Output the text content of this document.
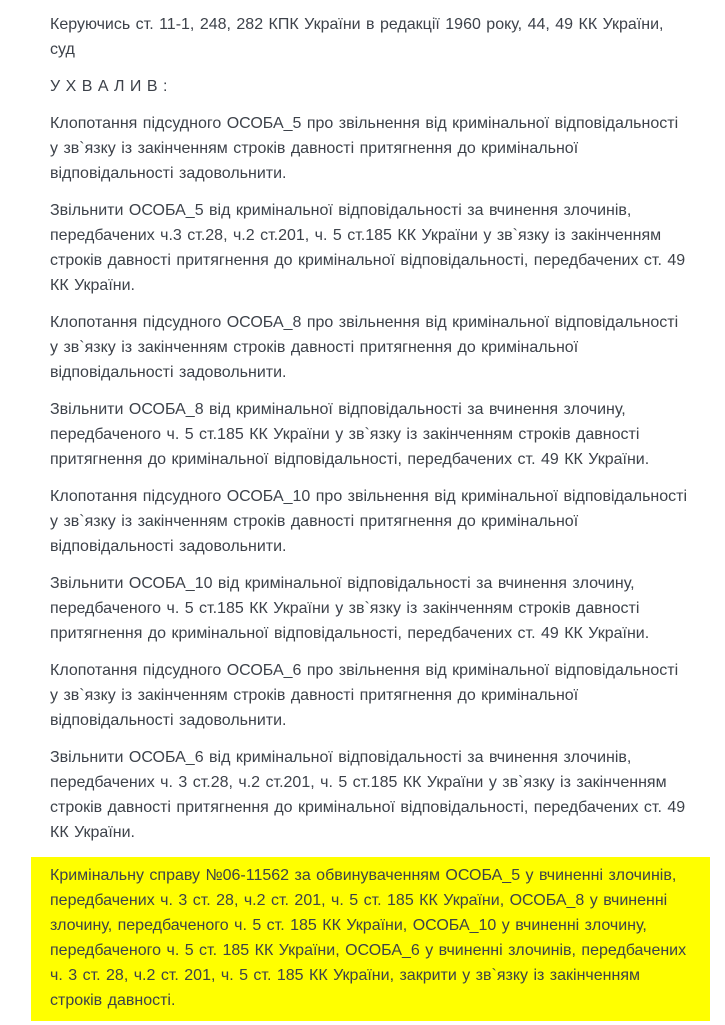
Керуючись ст. 11-1, 248, 282 КПК України в редакції 1960 року, 44, 49 КК України, суд

У Х В А Л И В :

Клопотання підсудного ОСОБА_5 про звільнення від кримінальної відповідальності у зв`язку із закінченням строків давності притягнення до кримінальної відповідальності задовольнити.

Звільнити ОСОБА_5 від кримінальної відповідальності за вчинення злочинів, передбачених ч.3 ст.28, ч.2 ст.201, ч. 5 ст.185 КК України у зв`язку із закінченням строків давності притягнення до кримінальної відповідальності, передбачених ст. 49 КК України.

Клопотання підсудного ОСОБА_8 про звільнення від кримінальної відповідальності у зв`язку із закінченням строків давності притягнення до кримінальної відповідальності задовольнити.

Звільнити ОСОБА_8 від кримінальної відповідальності за вчинення злочину, передбаченого ч. 5 ст.185 КК України у зв`язку із закінченням строків давності притягнення до кримінальної відповідальності, передбачених ст. 49 КК України.

Клопотання підсудного ОСОБА_10 про звільнення від кримінальної відповідальності у зв`язку із закінченням строків давності притягнення до кримінальної відповідальності задовольнити.

Звільнити ОСОБА_10 від кримінальної відповідальності за вчинення злочину, передбаченого ч. 5 ст.185 КК України у зв`язку із закінченням строків давності притягнення до кримінальної відповідальності, передбачених ст. 49 КК України.

Клопотання підсудного ОСОБА_6 про звільнення від кримінальної відповідальності у зв`язку із закінченням строків давності притягнення до кримінальної відповідальності задовольнити.

Звільнити ОСОБА_6 від кримінальної відповідальності за вчинення злочинів, передбачених ч. 3 ст.28, ч.2 ст.201, ч. 5 ст.185 КК України у зв`язку із закінченням строків давності притягнення до кримінальної відповідальності, передбачених ст. 49 КК України.

Кримінальну справу №06-11562 за обвинуваченням ОСОБА_5 у вчиненні злочинів, передбачених ч. 3 ст. 28, ч.2 ст. 201, ч. 5 ст. 185 КК України, ОСОБА_8 у вчиненні злочину, передбаченого ч. 5 ст. 185 КК України, ОСОБА_10 у вчиненні злочину, передбаченого ч. 5 ст. 185 КК України, ОСОБА_6 у вчиненні злочинів, передбачених ч. 3 ст. 28, ч.2 ст. 201, ч. 5 ст. 185 КК України, закрити у зв`язку із закінченням строків давності.
